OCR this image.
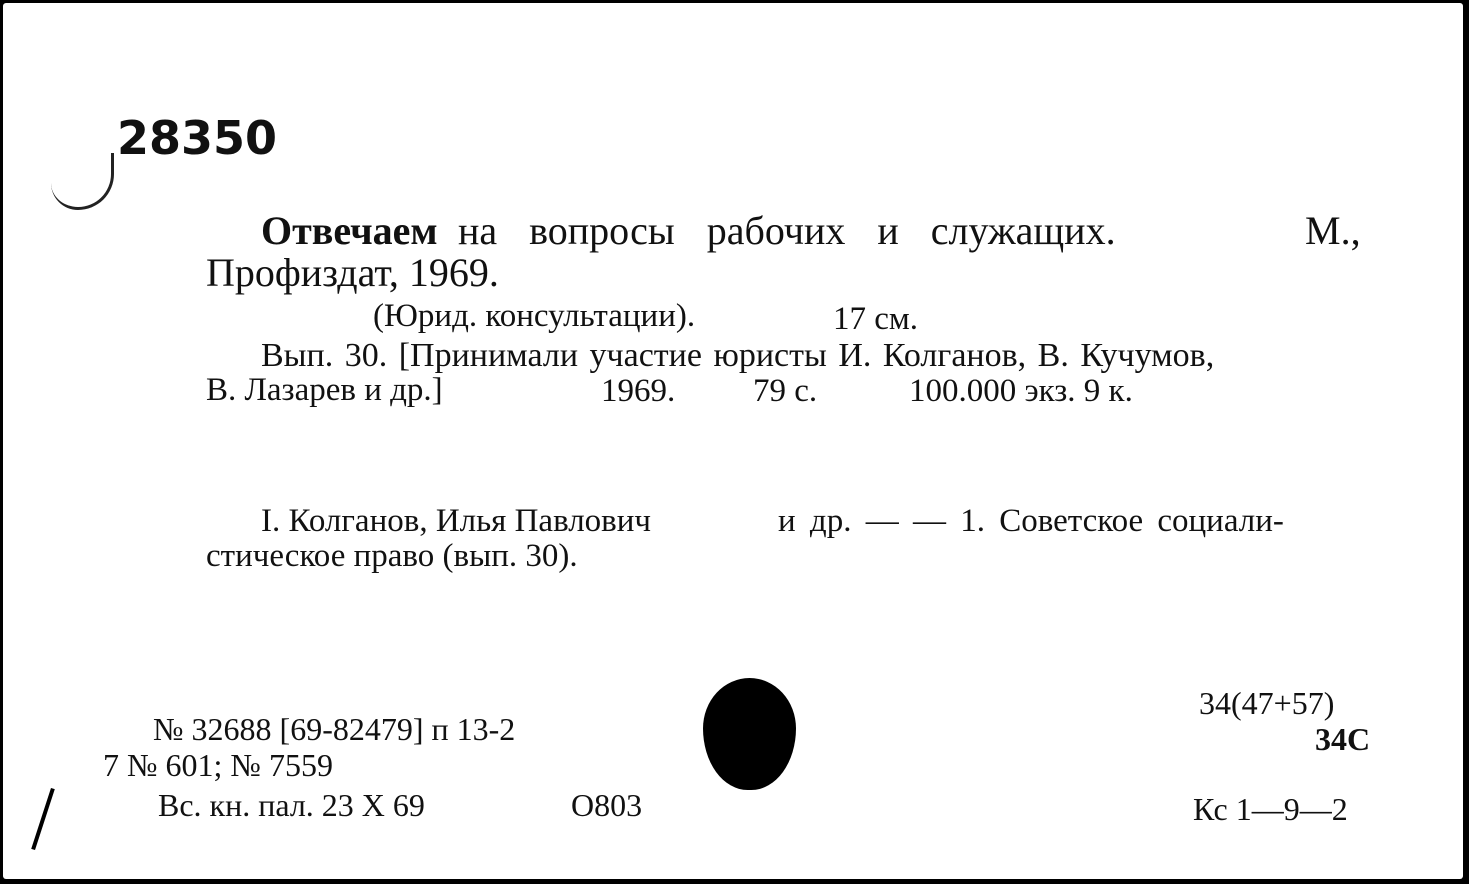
28350
Отвечаем на вопросы рабочих и служащих.	М.,
Профиздат, 1969.
(Юрид. консультации).	17 см.
Вып. 30. [Принимали участие юристы И. Колганов, В. Кучумов,
В. Лазарев и др.]	1969. 79 с.	100.000 экз. 9 к.
I. Колганов, Илья Павлович	и др. — — 1. Советское социали-
стическое право (вып. 30).
№ 32688 [69-82479] п 13-2
7 № 601; № 7559
Вс. кн. пал. 23 X 69	О803
34(47+57)
34С
Кс 1—9—2
